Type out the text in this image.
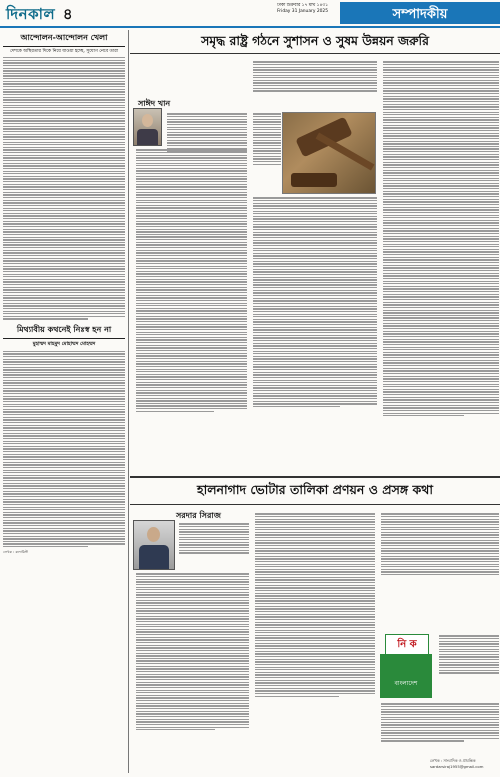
দিনকাল ৪	ঢাকা শুক্রবার ১৭ মাঘ ১৪৩১
Friday 31 January 2025	সম্পাদকীয়
আন্দোলন-আন্দোলন খেলা
দেশকে অস্থিরতার দিকে নিয়ে যাওয়া হচ্ছে, সুযোগ নেবে তারা
মিথ্যাবীয় কথনেই নিঃস্ব হন না
মুহাম্মদ মাহমুদ মোহাম্মদ মোহম্মদ
লেখক : কলামিস্ট
সমৃদ্ধ রাষ্ট্র গঠনে সুশাসন ও সুষম উন্নয়ন জরুরি
সাঈদ খান
হালনাগাদ ভোটার তালিকা প্রণয়ন ও প্রসঙ্গ কথা
সরদার সিরাজ
নি ক
বাংলাদেশ
লেখক : সাংবাদিক ও প্রাবন্ধিক
sardarsiraj1955@gmail.com
